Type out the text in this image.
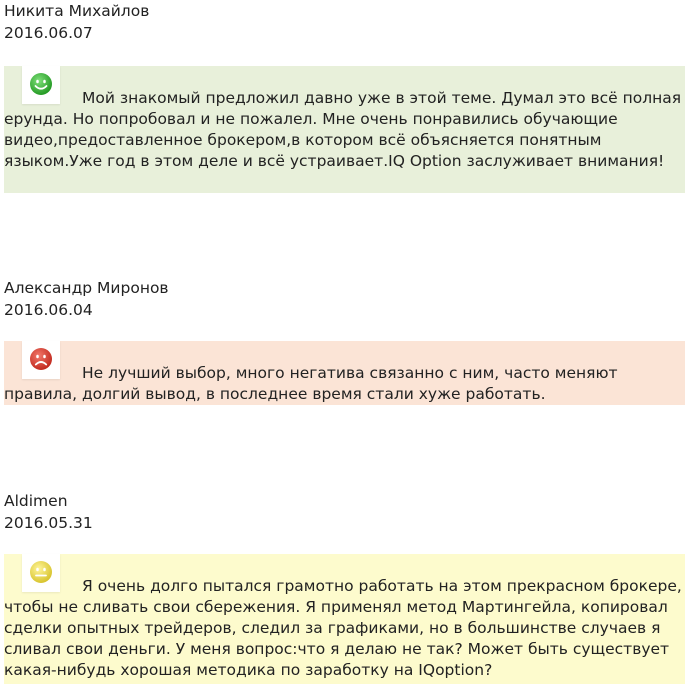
Никита Михайлов
2016.06.07

Мой знакомый предложил давно уже в этой теме. Думал это всё полная ерунда. Но попробовал и не пожалел. Мне очень понравились обучающие видео,предоставленное брокером,в котором всё объясняется понятным языком.Уже год в этом деле и всё устраивает.IQ Option заслуживает внимания!

Александр Миронов
2016.06.04

Не лучший выбор, много негатива связанно с ним, часто меняют правила, долгий вывод, в последнее время стали хуже работать.

Aldimen
2016.05.31

Я очень долго пытался грамотно работать на этом прекрасном брокере, чтобы не сливать свои сбережения. Я применял метод Мартингейла, копировал сделки опытных трейдеров, следил за графиками, но в большинстве случаев я сливал свои деньги. У меня вопрос:что я делаю не так? Может быть существует какая-нибудь хорошая методика по заработку на IQoption?
